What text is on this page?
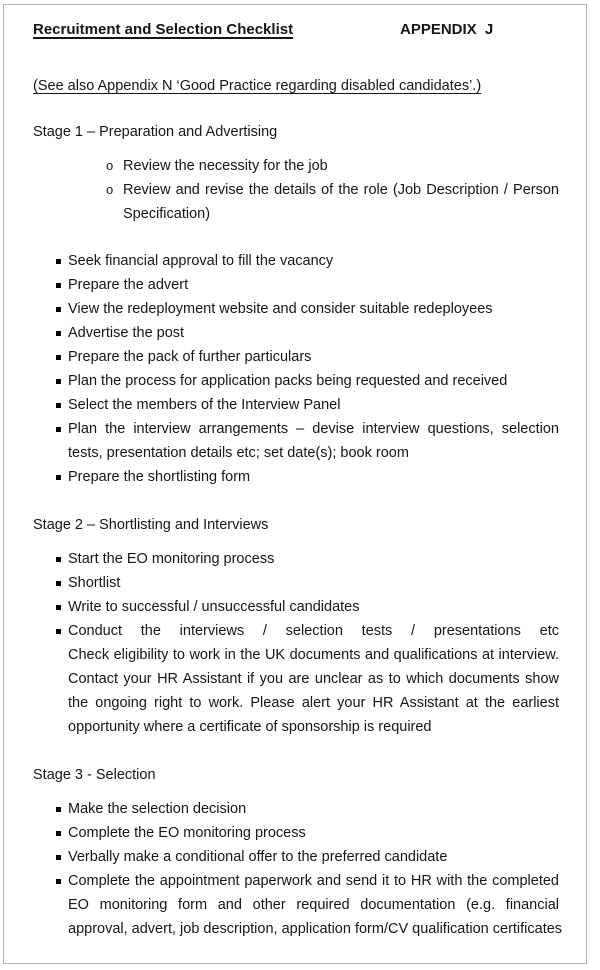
Recruitment and Selection Checklist	APPENDIX J
(See also Appendix N ‘Good Practice regarding disabled candidates’.)
Stage 1 – Preparation and Advertising
o Review the necessity for the job
o Review and revise the details of the role (Job Description / Person
Specification)
Seek financial approval to fill the vacancy
Prepare the advert
View the redeployment website and consider suitable redeployees
Advertise the post
Prepare the pack of further particulars
Plan the process for application packs being requested and received
Select the members of the Interview Panel
Plan the interview arrangements – devise interview questions, selection
tests, presentation details etc; set date(s); book room
Prepare the shortlisting form
Stage 2 – Shortlisting and Interviews
Start the EO monitoring process
Shortlist
Write to successful / unsuccessful candidates
Conduct the interviews / selection tests / presentations etc
Check eligibility to work in the UK documents and qualifications at interview.
Contact your HR Assistant if you are unclear as to which documents show
the ongoing right to work. Please alert your HR Assistant at the earliest
opportunity where a certificate of sponsorship is required
Stage 3 - Selection
Make the selection decision
Complete the EO monitoring process
Verbally make a conditional offer to the preferred candidate
Complete the appointment paperwork and send it to HR with the completed
EO monitoring form and other required documentation (e.g. financial
approval, advert, job description, application form/CV qualification certificates
